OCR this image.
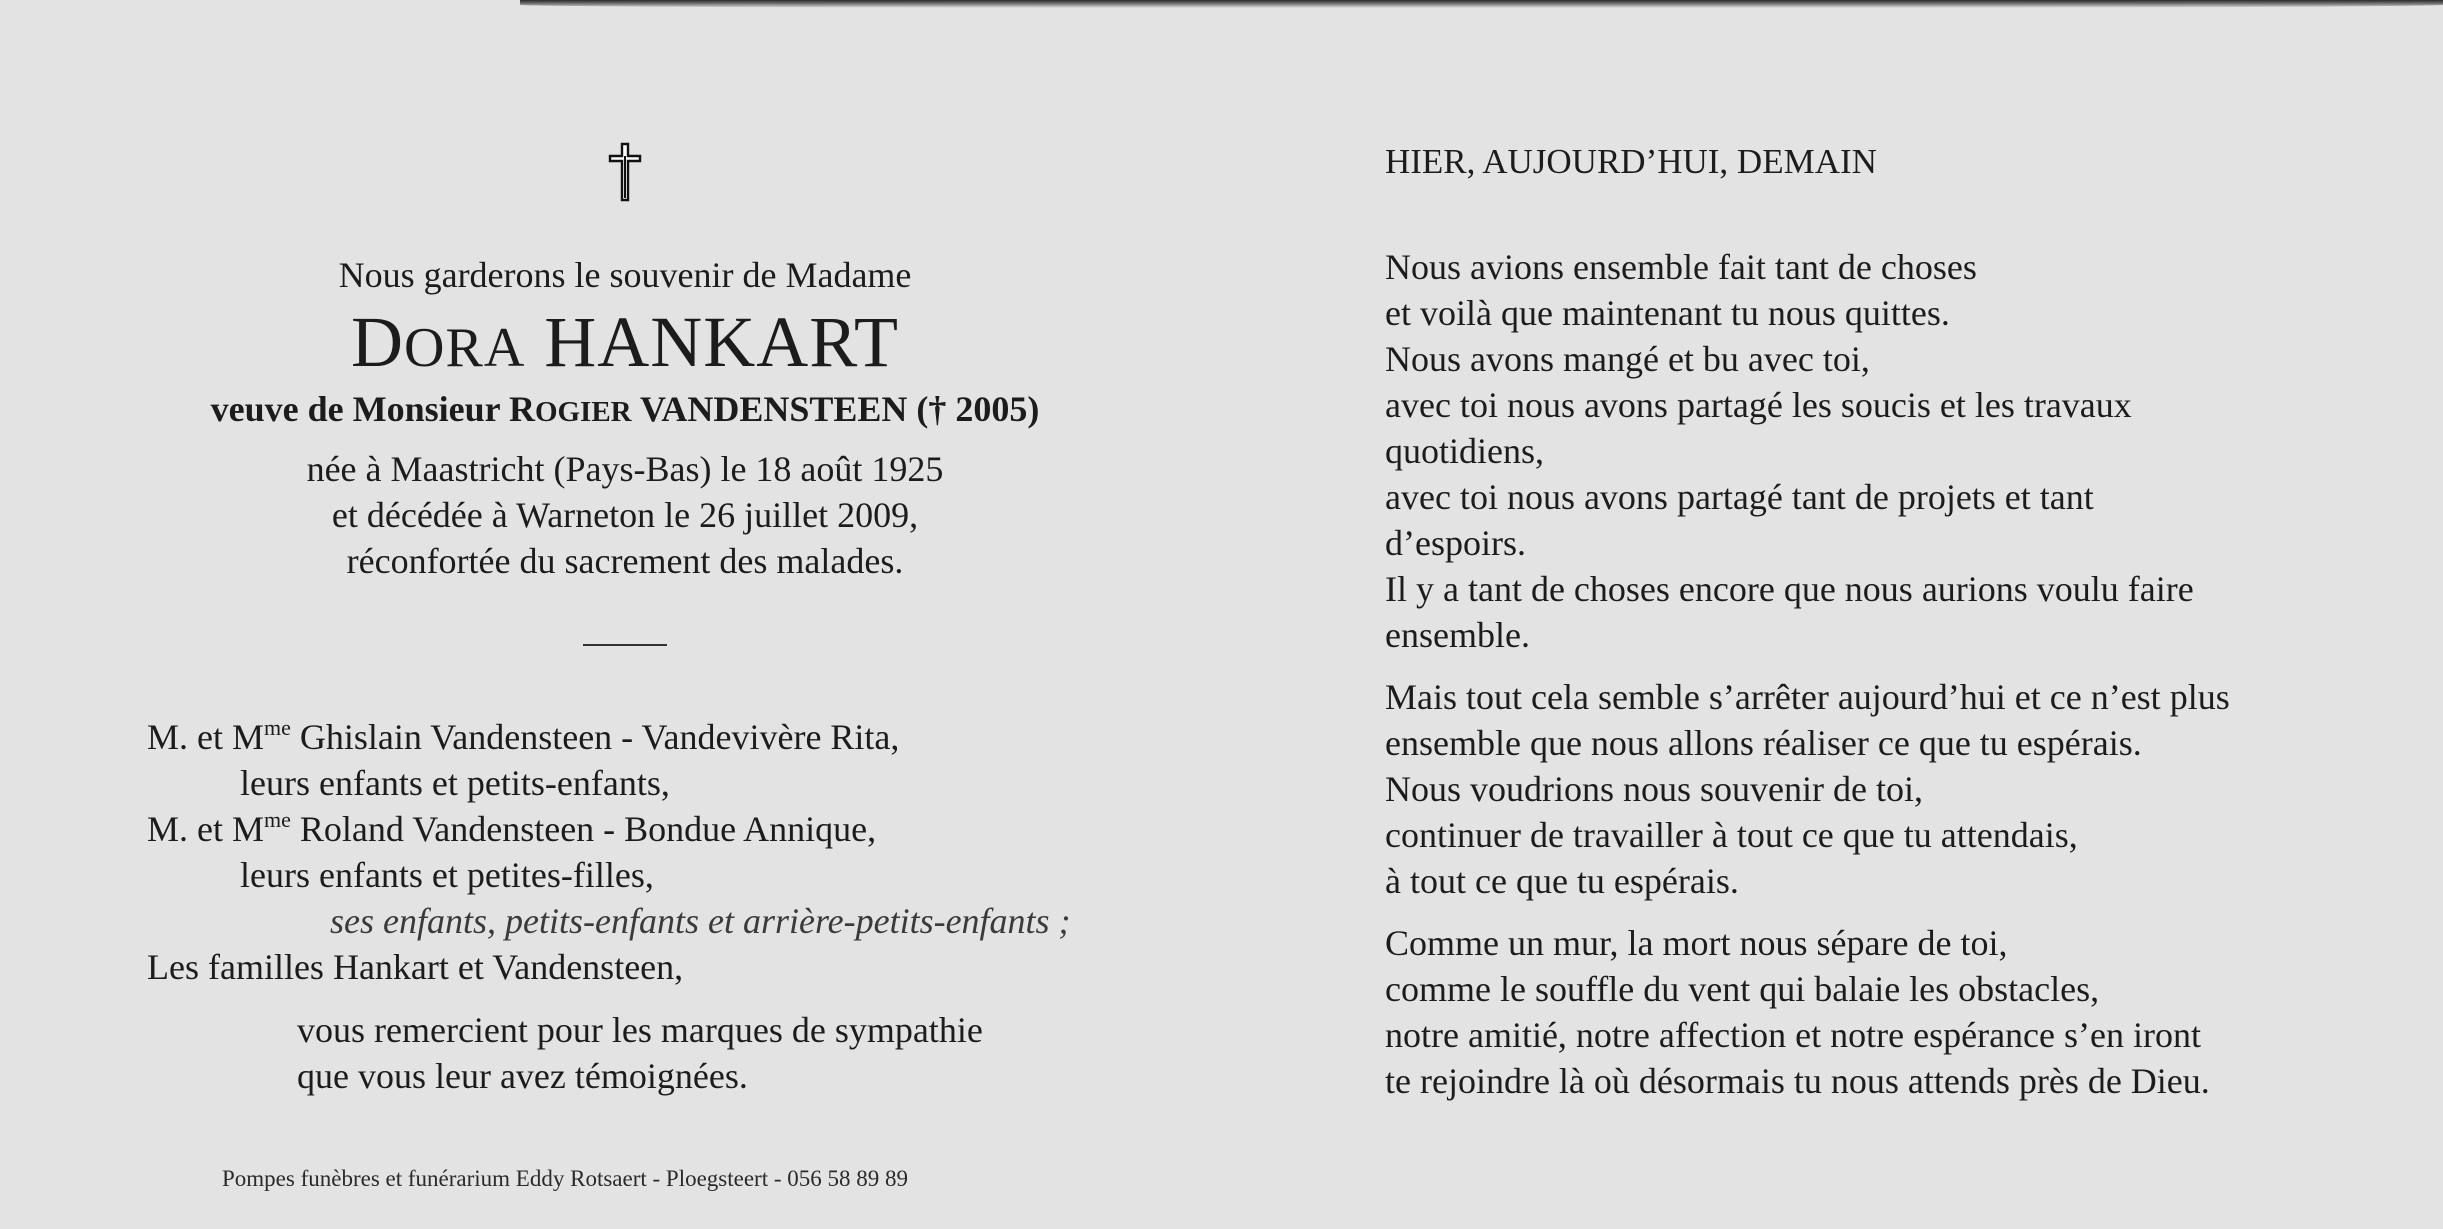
Nous garderons le souvenir de Madame
DORA HANKART
veuve de Monsieur ROGIER VANDENSTEEN († 2005)
née à Maastricht (Pays-Bas) le 18 août 1925
et décédée à Warneton le 26 juillet 2009,
réconfortée du sacrement des malades.
M. et $M^{me}$ Ghislain Vandensteen - Vandevivère Rita,
leurs enfants et petits-enfants,
M. et $M^{me}$ Roland Vandensteen - Bondue Annique,
leurs enfants et petites-filles,
ses enfants, petits-enfants et arrière-petits-enfants ;
Les familles Hankart et Vandensteen,
vous remercient pour les marques de sympathie
que vous leur avez témoignées.
Pompes funèbres et funérarium Eddy Rotsaert - Ploegsteert - 056 58 89 89
HIER, AUJOURD’HUI, DEMAIN
Nous avions ensemble fait tant de choses
et voilà que maintenant tu nous quittes.
Nous avons mangé et bu avec toi,
avec toi nous avons partagé les soucis et les travaux
quotidiens,
avec toi nous avons partagé tant de projets et tant
d’espoirs.
Il y a tant de choses encore que nous aurions voulu faire
ensemble.
Mais tout cela semble s’arrêter aujourd’hui et ce n’est plus
ensemble que nous allons réaliser ce que tu espérais.
Nous voudrions nous souvenir de toi,
continuer de travailler à tout ce que tu attendais,
à tout ce que tu espérais.
Comme un mur, la mort nous sépare de toi,
comme le souffle du vent qui balaie les obstacles,
notre amitié, notre affection et notre espérance s’en iront
te rejoindre là où désormais tu nous attends près de Dieu.
